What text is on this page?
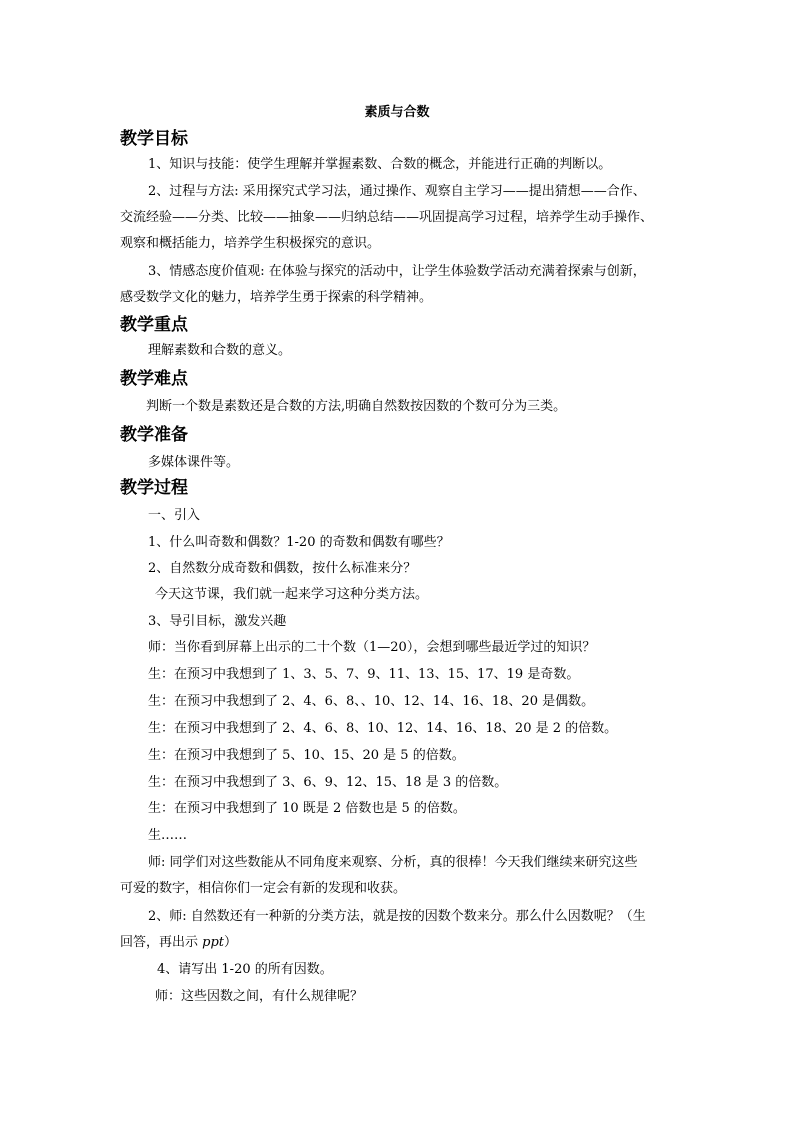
素质与合数
教学目标
1、知识与技能：使学生理解并掌握素数、合数的概念，并能进行正确的判断以。
2、过程与方法: 采用探究式学习法，通过操作、观察自主学习——提出猜想——合作、
交流经验——分类、比较——抽象——归纳总结——巩固提高学习过程，培养学生动手操作、
观察和概括能力，培养学生积极探究的意识。
3、情感态度价值观: 在体验与探究的活动中，让学生体验数学活动充满着探索与创新，
感受数学文化的魅力，培养学生勇于探索的科学精神。
教学重点
理解素数和合数的意义。
教学难点
判断一个数是素数还是合数的方法,明确自然数按因数的个数可分为三类。
教学准备
多媒体课件等。
教学过程
一、引入
1、什么叫奇数和偶数？1-20 的奇数和偶数有哪些？
2、自然数分成奇数和偶数，按什么标准来分？
今天这节课，我们就一起来学习这种分类方法。
3、导引目标，激发兴趣
师：当你看到屏幕上出示的二十个数（1—20），会想到哪些最近学过的知识？
生：在预习中我想到了 1、3、5、7、9、11、13、15、17、19 是奇数。
生：在预习中我想到了 2、4、6、8、、10、12、14、16、18、20 是偶数。
生：在预习中我想到了 2、4、6、8、10、12、14、16、18、20 是 2 的倍数。
生：在预习中我想到了 5、10、15、20 是 5 的倍数。
生：在预习中我想到了 3、6、9、12、15、18 是 3 的倍数。
生：在预习中我想到了 10 既是 2 倍数也是 5 的倍数。
生……
师: 同学们对这些数能从不同角度来观察、分析，真的很棒！今天我们继续来研究这些
可爱的数字，相信你们一定会有新的发现和收获。
2、师: 自然数还有一种新的分类方法，就是按的因数个数来分。那么什么因数呢？（生
回答，再出示 ppt）
4、请写出 1-20 的所有因数。
师：这些因数之间，有什么规律呢？
